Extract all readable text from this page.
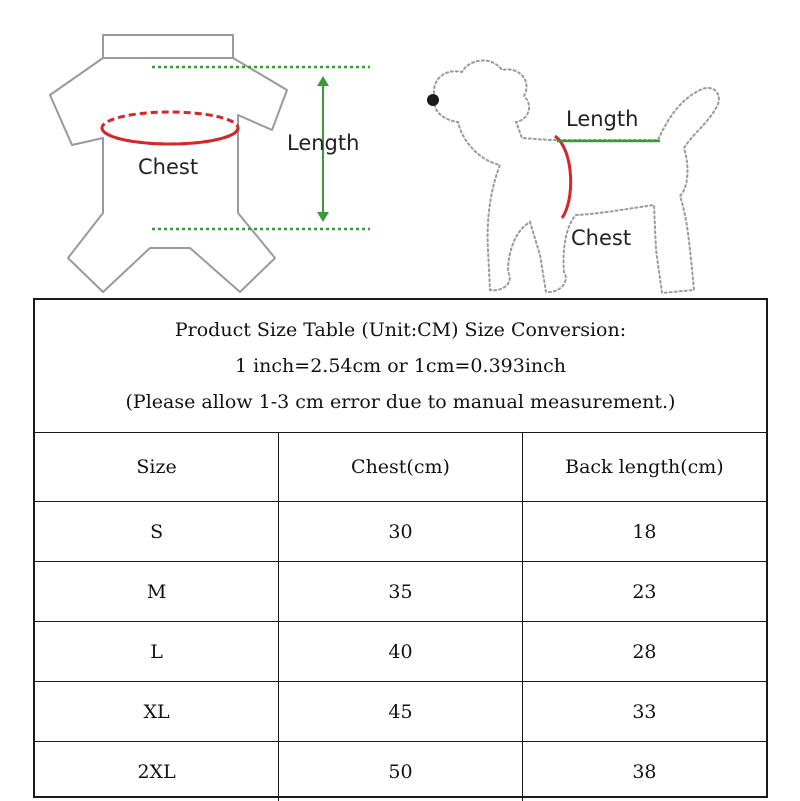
Chest
Length
Length
Chest
Product Size Table (Unit:CM) Size Conversion:
1 inch=2.54cm or 1cm=0.393inch
(Please allow 1-3 cm error due to manual measurement.)		

Size	Chest(cm)	Back length(cm)
S	30	18
M	35	23
L	40	28
XL	45	33
2XL	50	38
